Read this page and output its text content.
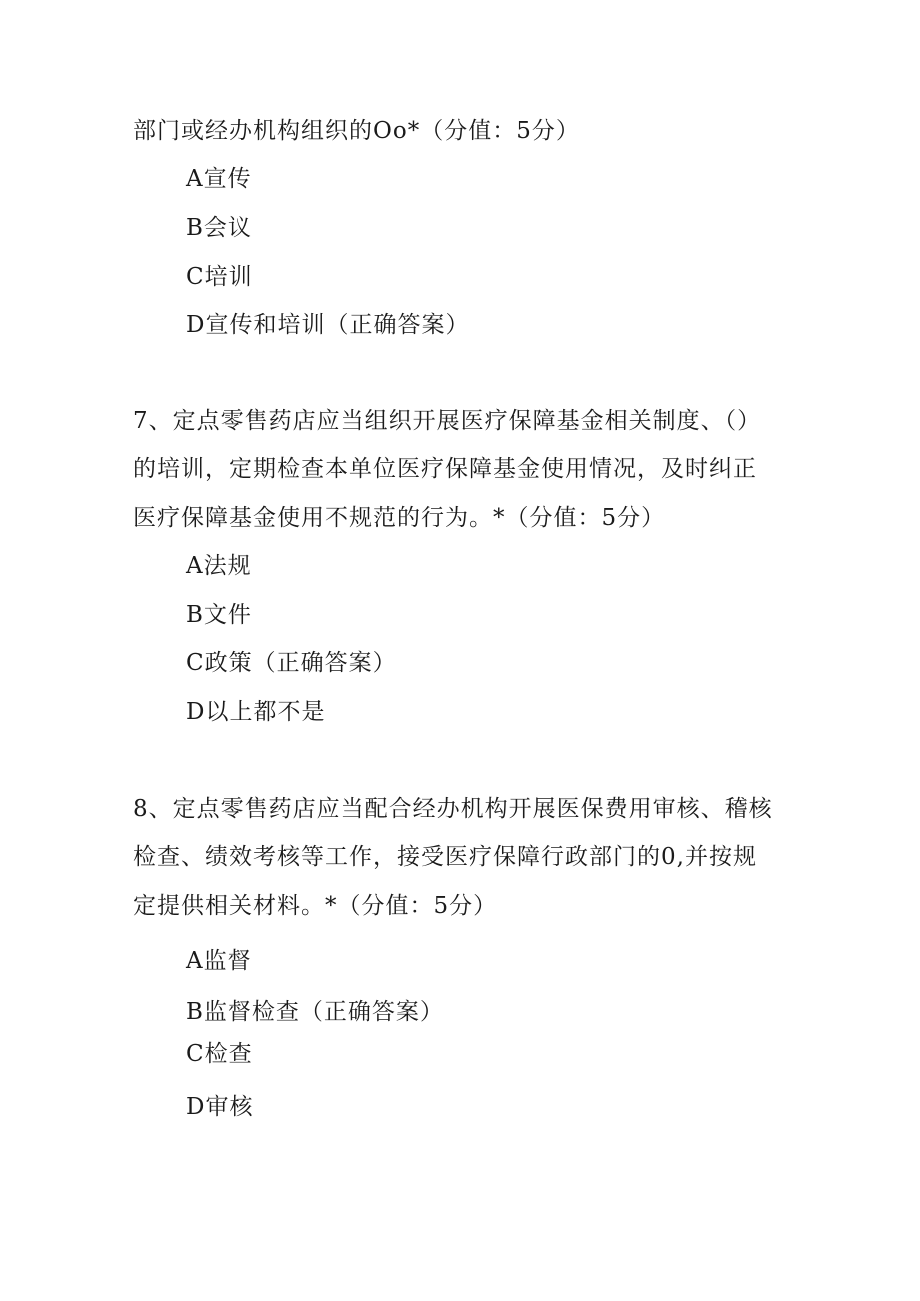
部门或经办机构组织的Oo*（分值：5分）
A宣传
B会议
C培训
D宣传和培训（正确答案）
7、定点零售药店应当组织开展医疗保障基金相关制度、（）
的培训，定期检查本单位医疗保障基金使用情况，及时纠正
医疗保障基金使用不规范的行为。*（分值：5分）
A法规
B文件
C政策（正确答案）
D以上都不是
8、定点零售药店应当配合经办机构开展医保费用审核、稽核
检查、绩效考核等工作，接受医疗保障行政部门的0,并按规
定提供相关材料。*（分值：5分）
A监督
B监督检查（正确答案）
C检查
D审核
